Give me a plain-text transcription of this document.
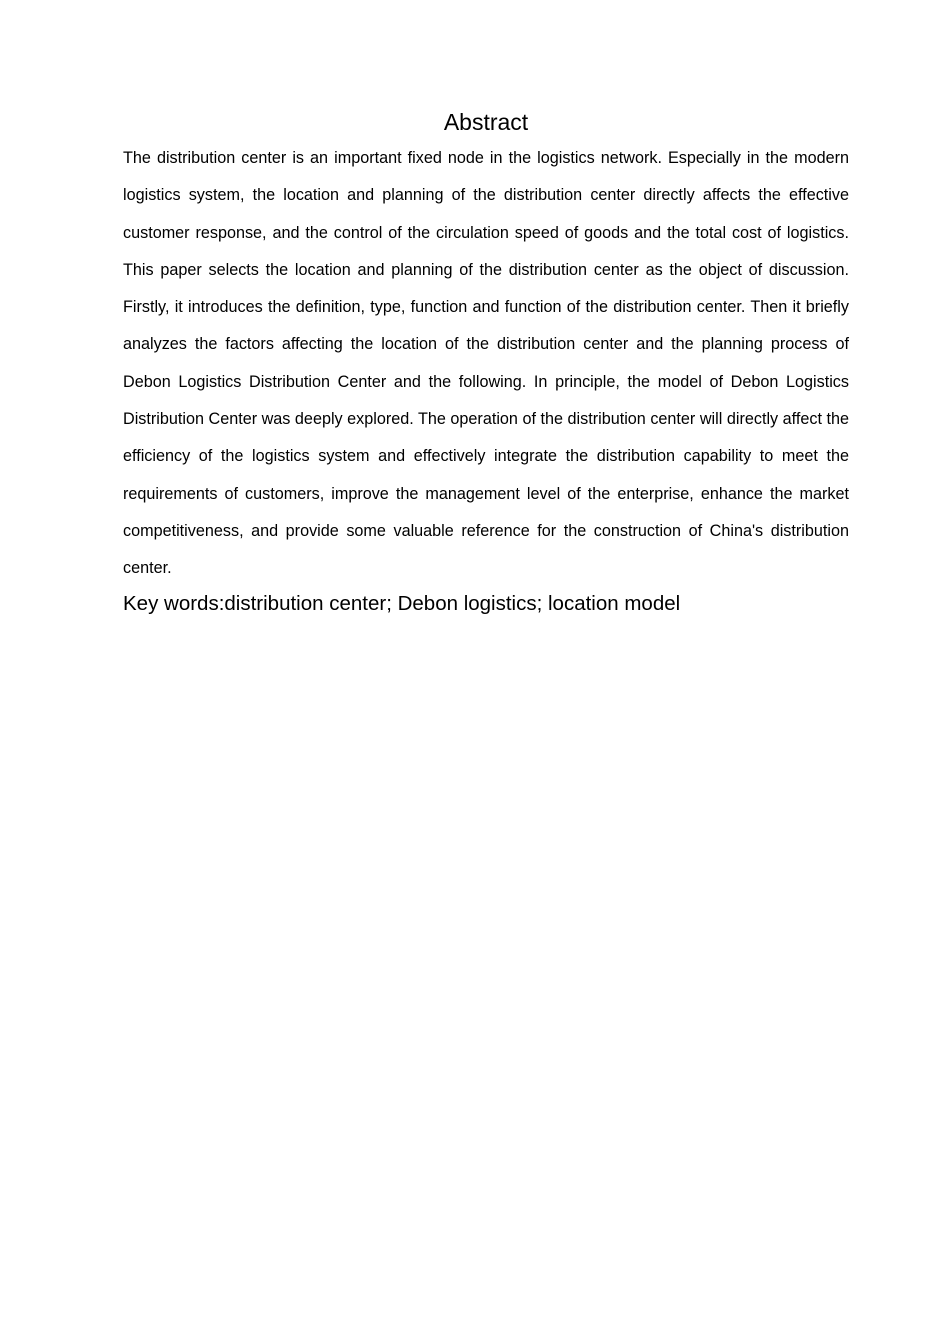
Abstract

The distribution center is an important fixed node in the logistics network. Especially in the modern logistics system, the location and planning of the distribution center directly affects the effective customer response, and the control of the circulation speed of goods and the total cost of logistics. This paper selects the location and planning of the distribution center as the object of discussion. Firstly, it introduces the definition, type, function and function of the distribution center. Then it briefly analyzes the factors affecting the location of the distribution center and the planning process of Debon Logistics Distribution Center and the following. In principle, the model of Debon Logistics Distribution Center was deeply explored. The operation of the distribution center will directly affect the efficiency of the logistics system and effectively integrate the distribution capability to meet the requirements of customers, improve the management level of the enterprise, enhance the market competitiveness, and provide some valuable reference for the construction of China's distribution center.

Key words:distribution center; Debon logistics; location model
